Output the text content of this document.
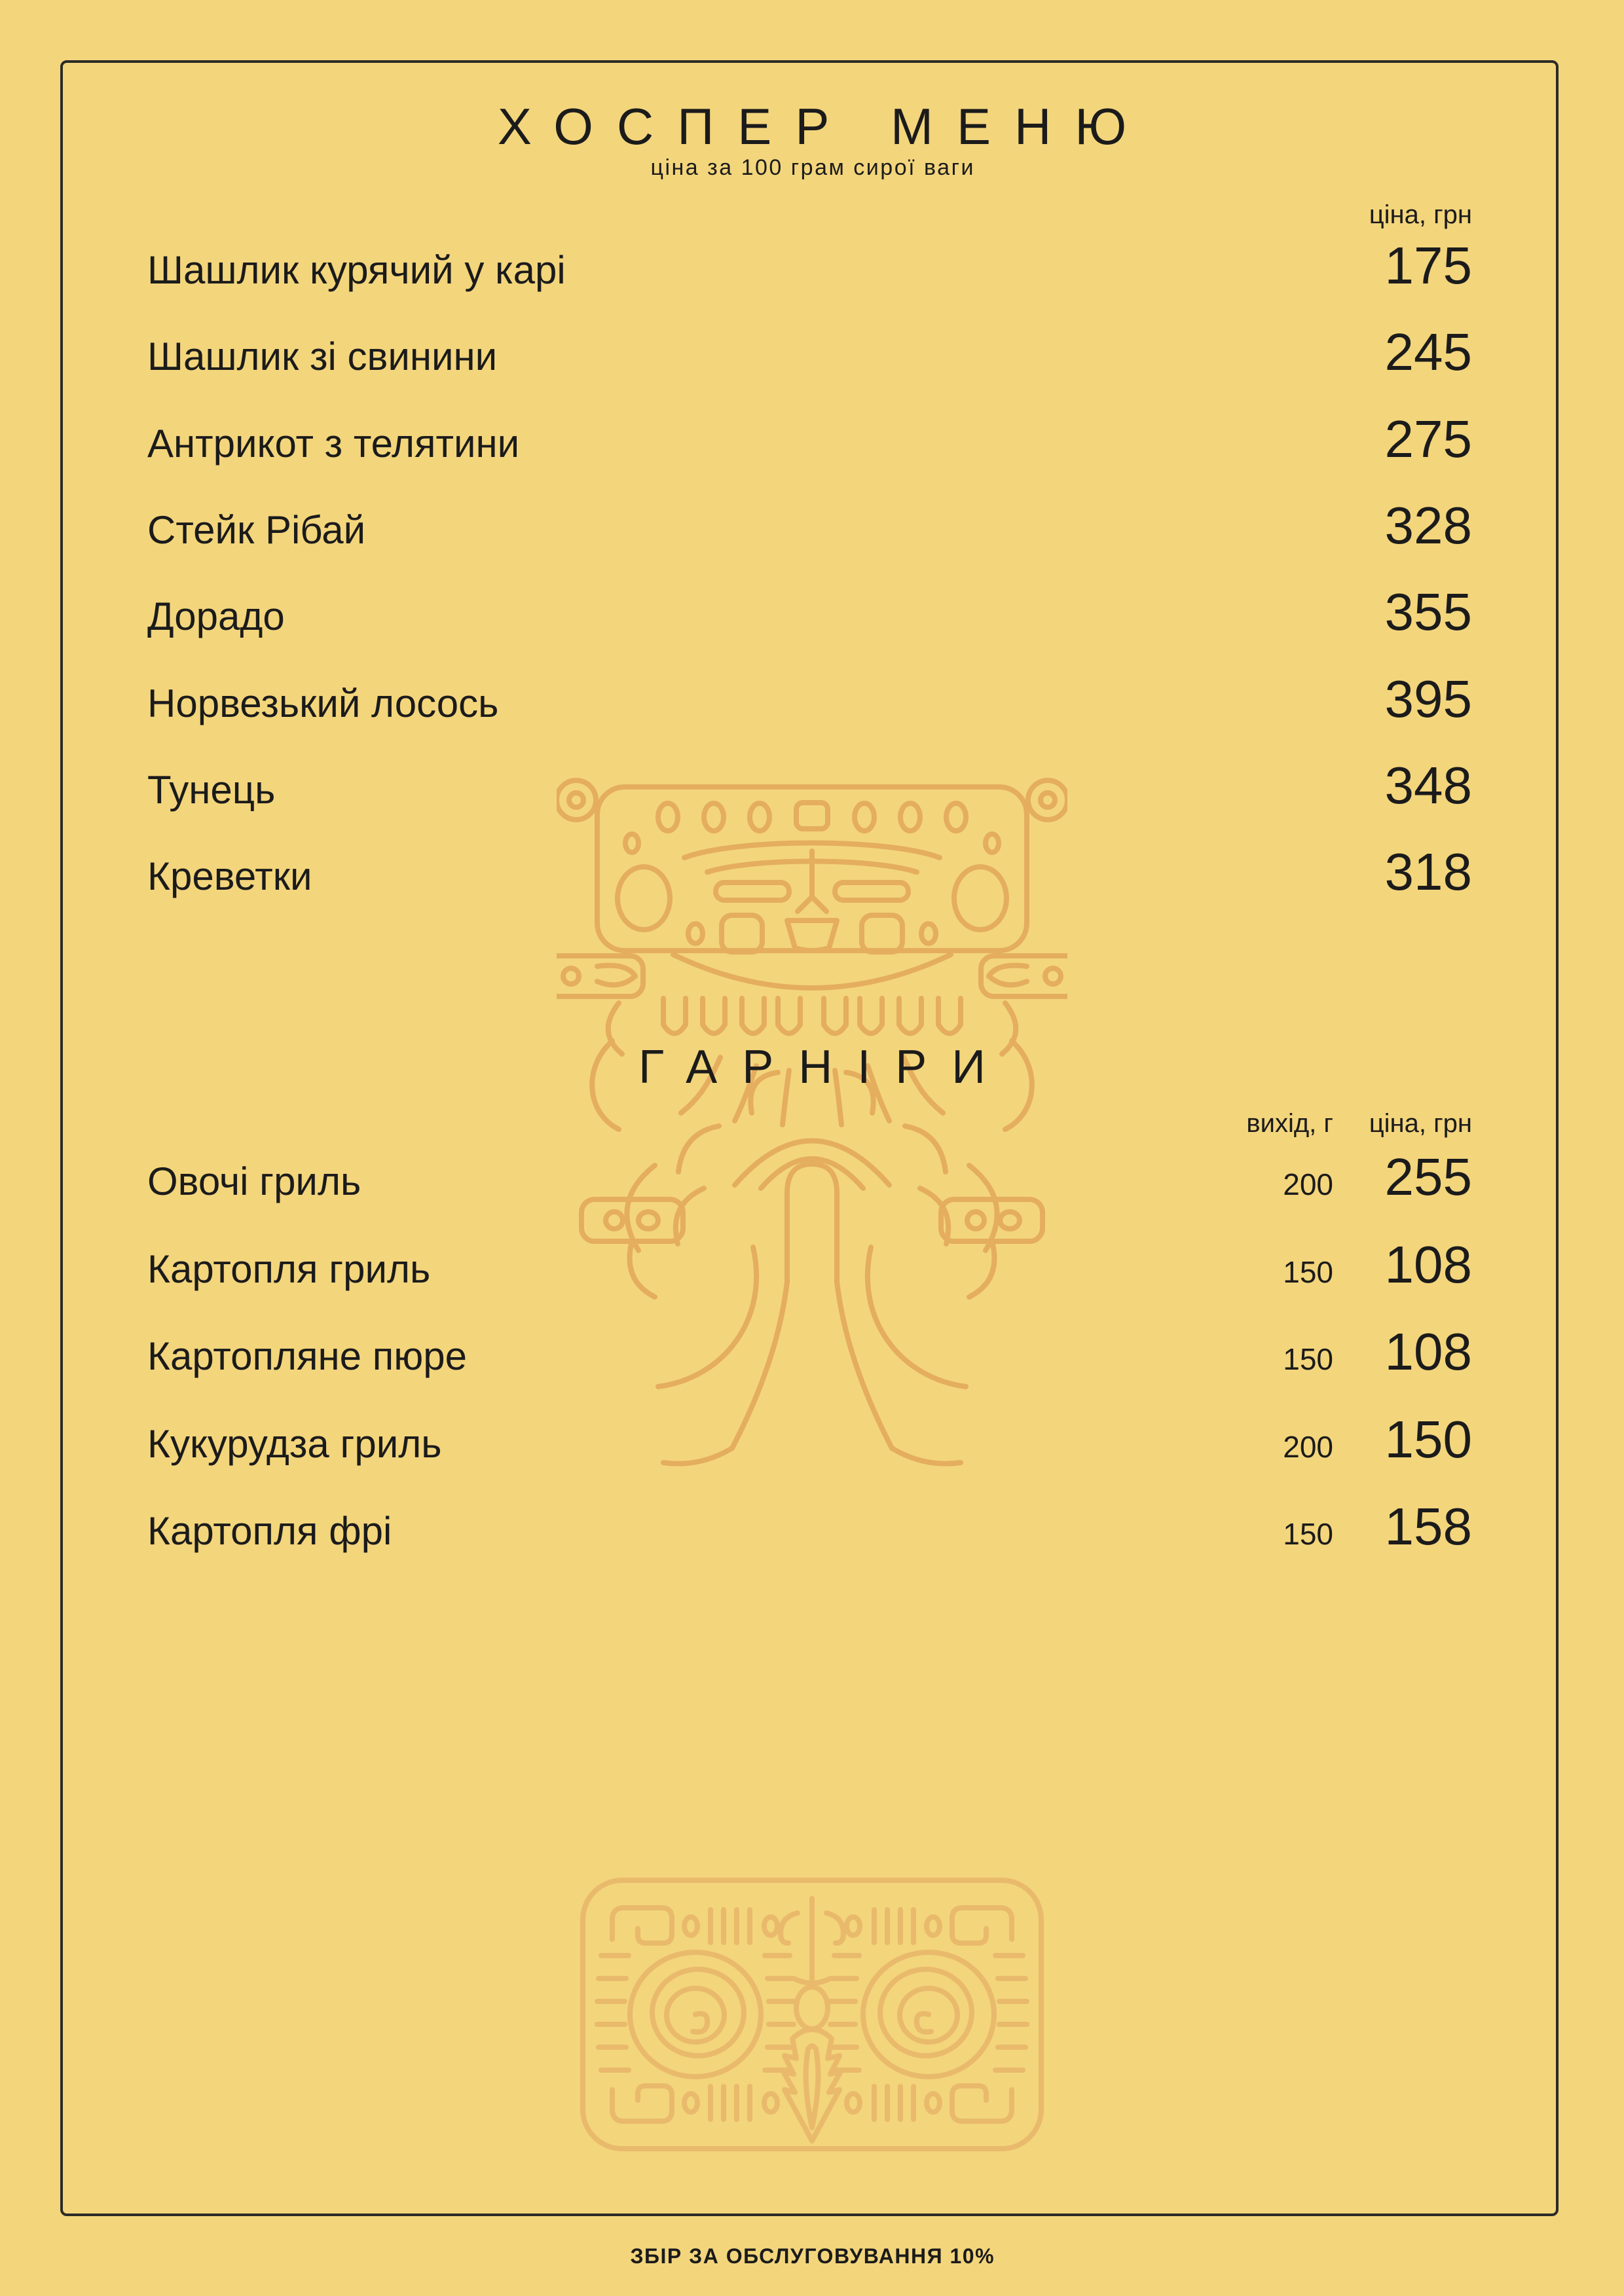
ХОСПЕР МЕНЮ
ціна за 100 грам сирої ваги
ціна, грн
Шашлик курячий у карі	175
Шашлик зі свинини	245
Антрикот з телятини	275
Стейк Рібай	328
Дорадо	355
Норвезький лосось	395
Тунець	348
Креветки	318
ГАРНІРИ
вихід, г	ціна, грн
Овочі гриль	200 255
Картопля гриль	150 108
Картопляне пюре	150 108
Кукурудза гриль	200 150
Картопля фрі	150 158
ЗБІР ЗА ОБСЛУГОВУВАННЯ 10%
